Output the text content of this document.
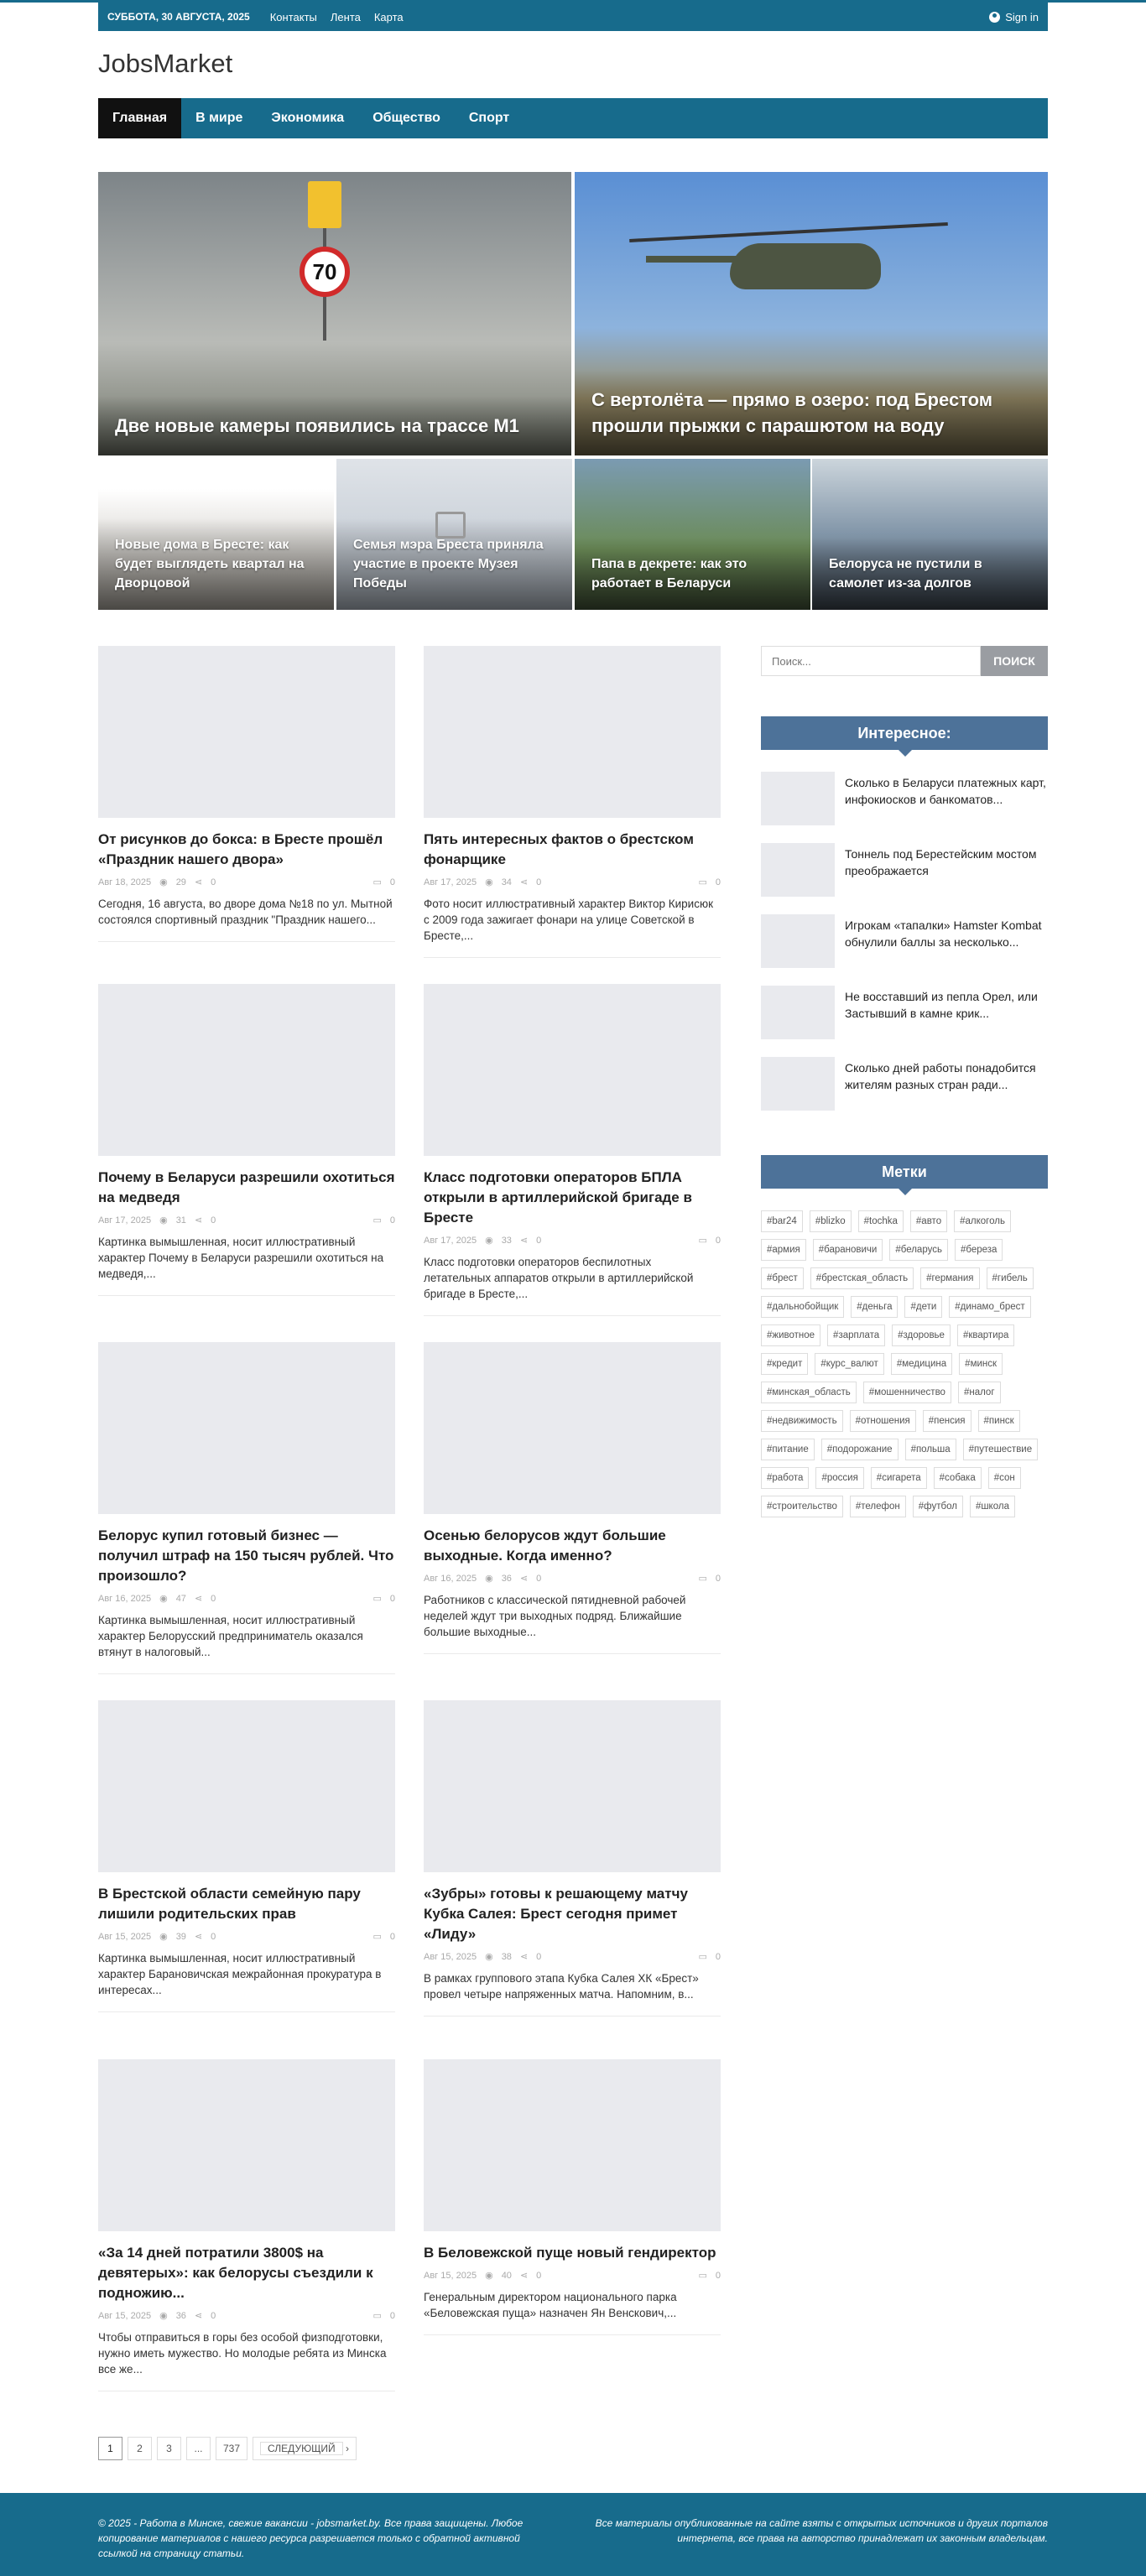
СУББОТА, 30 АВГУСТА, 2025 Контакты Лента Карта	Sign in
JobsMarket
Главная	В мире	Экономика	Общество	Спорт
Две новые камеры появились на трассе М1
70
С вертолёта — прямо в озеро: под Брестом прошли прыжки с парашютом на воду
Новые дома в Бресте: как будет выглядеть квартал на Дворцовой
Семья мэра Бреста приняла участие в проекте Музея Победы
Папа в декрете: как это работает в Беларуси
Белоруса не пустили в самолет из-за долгов
От рисунков до бокса: в Бресте прошёл «Праздник нашего двора»
Авг 18, 2025 ◉ 29 ⋖ 0	▭ 0

Сегодня, 16 августа, во дворе дома №18 по ул. Мытной состоялся спортивный праздник "Праздник нашего...

Пять интересных фактов о брестском фонарщике
Авг 17, 2025 ◉ 34 ⋖ 0	▭ 0

Фото носит иллюстративный характер Виктор Кирисюк с 2009 года зажигает фонари на улице Советской в Бресте,...

Почему в Беларуси разрешили охотиться на медведя
Авг 17, 2025 ◉ 31 ⋖ 0	▭ 0

Картинка вымышленная, носит иллюстративный характер Почему в Беларуси разрешили охотиться на медведя,...

Класс подготовки операторов БПЛА открыли в артиллерийской бригаде в Бресте
Авг 17, 2025 ◉ 33 ⋖ 0	▭ 0

Класс подготовки операторов беспилотных летательных аппаратов открыли в артиллерийской бригаде в Бресте,...

Белорус купил готовый бизнес — получил штраф на 150 тысяч рублей. Что произошло?
Авг 16, 2025 ◉ 47 ⋖ 0	▭ 0

Картинка вымышленная, носит иллюстративный характер Белорусский предприниматель оказался втянут в налоговый...

Осенью белорусов ждут большие выходные. Когда именно?
Авг 16, 2025 ◉ 36 ⋖ 0	▭ 0

Работников с классической пятидневной рабочей неделей ждут три выходных подряд. Ближайшие большие выходные...

В Брестской области семейную пару лишили родительских прав
Авг 15, 2025 ◉ 39 ⋖ 0	▭ 0

Картинка вымышленная, носит иллюстративный характер Барановичская межрайонная прокуратура в интересах...

«Зубры» готовы к решающему матчу Кубка Салея: Брест сегодня примет «Лиду»
Авг 15, 2025 ◉ 38 ⋖ 0	▭ 0

В рамках группового этапа Кубка Салея ХК «Брест» провел четыре напряженных матча. Напомним, в...

«За 14 дней потратили 3800$ на девятерых»: как белорусы съездили к подножию...
Авг 15, 2025 ◉ 36 ⋖ 0	▭ 0

Чтобы отправиться в горы без особой физподготовки, нужно иметь мужество. Но молодые ребята из Минска все же...

В Беловежской пуще новый гендиректор
Авг 15, 2025 ◉ 40 ⋖ 0	▭ 0

Генеральным директором национального парка «Беловежская пуща» назначен Ян Венскович,...

Поиск...
ПОИСК
Интересное:
Сколько в Беларуси платежных карт, инфокиосков и банкоматов...
Тоннель под Берестейским мостом преображается
Игрокам «тапалки» Hamster Kombat обнулили баллы за несколько...
Не восставший из пепла Орел, или Застывший в камне крик...
Сколько дней работы понадобится жителям разных стран ради...
Метки
#bar24	#blizko	#tochka	#авто	#алкоголь
#армия	#барановичи	#беларусь	#береза
#брест	#брестская_область	#германия	#гибель
#дальнобойщик	#деньга	#дети	#динамо_брест
#животное	#зарплата	#здоровье	#квартира
#кредит	#курс_валют	#медицина	#минск
#минская_область	#мошенничество	#налог
#недвижимость	#отношения	#пенсия	#пинск
#питание	#подорожание	#польша	#путешествие
#работа	#россия	#сигарета	#собака	#сон
#строительство	#телефон	#футбол	#школа
1	2	3	...	737	СЛЕДУЮЩИЙ ›
© 2025 - Работа в Минске, свежие вакансии - jobsmarket.by. Все права защищены. Любое копирование материалов с нашего ресурса разрешается только с обратной активной ссылкой на страницу статьи.
Все материалы опубликованные на сайте взяты с открытых источников и других порталов интернета, все права на авторство принадлежат их законным владельцам.
